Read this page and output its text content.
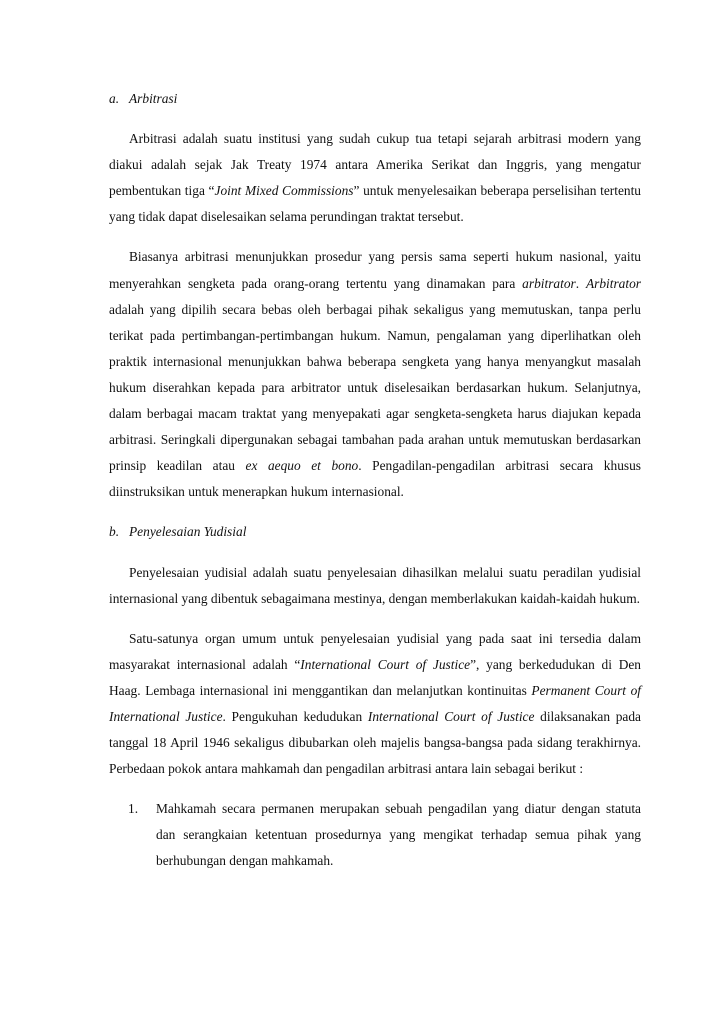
a. Arbitrasi

Arbitrasi adalah suatu institusi yang sudah cukup tua tetapi sejarah arbitrasi modern yang diakui adalah sejak Jak Treaty 1974 antara Amerika Serikat dan Inggris, yang mengatur pembentukan tiga “Joint Mixed Commissions” untuk menyelesaikan beberapa perselisihan tertentu yang tidak dapat diselesaikan selama perundingan traktat tersebut.

Biasanya arbitrasi menunjukkan prosedur yang persis sama seperti hukum nasional, yaitu menyerahkan sengketa pada orang-orang tertentu yang dinamakan para arbitrator. Arbitrator adalah yang dipilih secara bebas oleh berbagai pihak sekaligus yang memutuskan, tanpa perlu terikat pada pertimbangan-pertimbangan hukum. Namun, pengalaman yang diperlihatkan oleh praktik internasional menunjukkan bahwa beberapa sengketa yang hanya menyangkut masalah hukum diserahkan kepada para arbitrator untuk diselesaikan berdasarkan hukum. Selanjutnya, dalam berbagai macam traktat yang menyepakati agar sengketa-sengketa harus diajukan kepada arbitrasi. Seringkali dipergunakan sebagai tambahan pada arahan untuk memutuskan berdasarkan prinsip keadilan atau ex aequo et bono. Pengadilan-pengadilan arbitrasi secara khusus diinstruksikan untuk menerapkan hukum internasional.

b. Penyelesaian Yudisial

Penyelesaian yudisial adalah suatu penyelesaian dihasilkan melalui suatu peradilan yudisial internasional yang dibentuk sebagaimana mestinya, dengan memberlakukan kaidah-kaidah hukum.

Satu-satunya organ umum untuk penyelesaian yudisial yang pada saat ini tersedia dalam masyarakat internasional adalah “International Court of Justice”, yang berkedudukan di Den Haag. Lembaga internasional ini menggantikan dan melanjutkan kontinuitas Permanent Court of International Justice. Pengukuhan kedudukan International Court of Justice dilaksanakan pada tanggal 18 April 1946 sekaligus dibubarkan oleh majelis bangsa-bangsa pada sidang terakhirnya. Perbedaan pokok antara mahkamah dan pengadilan arbitrasi antara lain sebagai berikut :

1. Mahkamah secara permanen merupakan sebuah pengadilan yang diatur dengan statuta dan serangkaian ketentuan prosedurnya yang mengikat terhadap semua pihak yang berhubungan dengan mahkamah.
